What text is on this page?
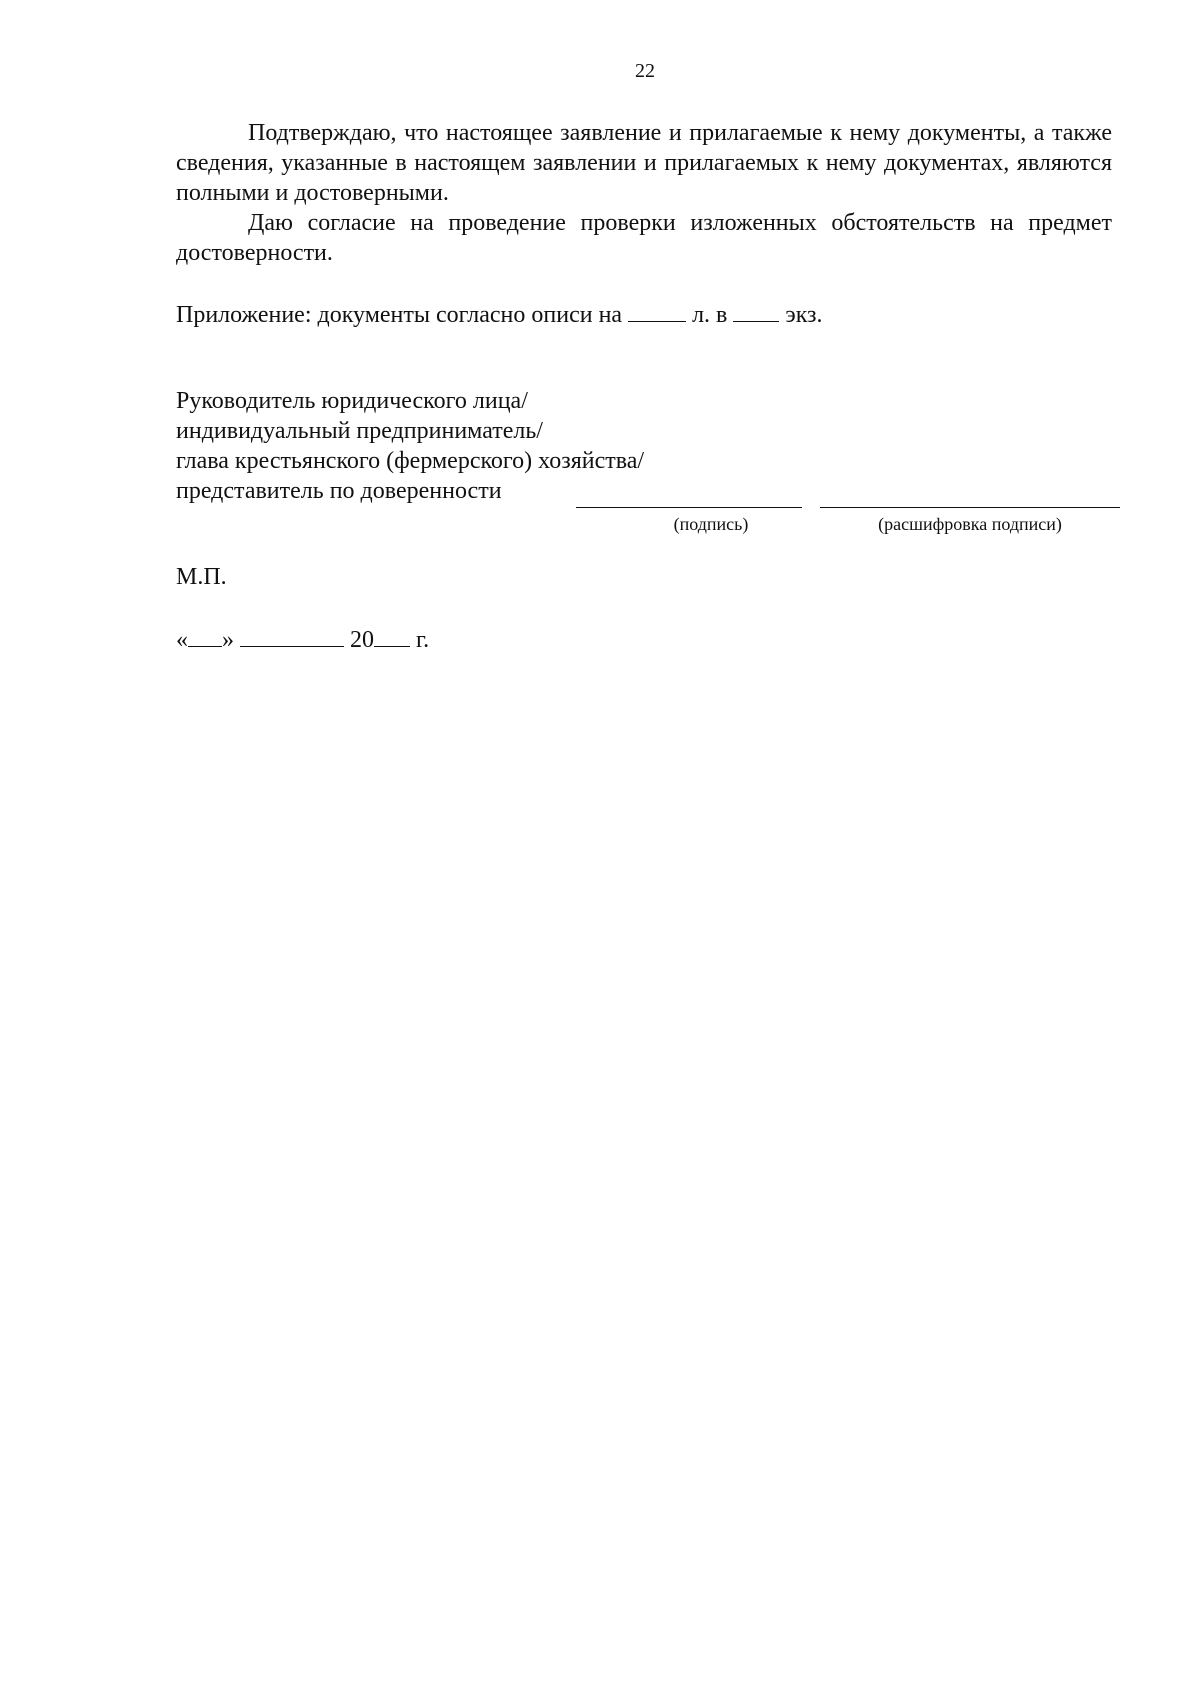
22

Подтверждаю, что настоящее заявление и прилагаемые к нему документы, а также сведения, указанные в настоящем заявлении и прилагаемых к нему документах, являются полными и достоверными.

Даю согласие на проведение проверки изложенных обстоятельств на предмет достоверности.

Приложение: документы согласно описи на	л. в экз.
Руководитель юридического лица/
индивидуальный предприниматель/
глава крестьянского (фермерского) хозяйства/
представитель по доверенности
(подпись)	(расшифровка подписи)
М.П.
« »	20 г.
